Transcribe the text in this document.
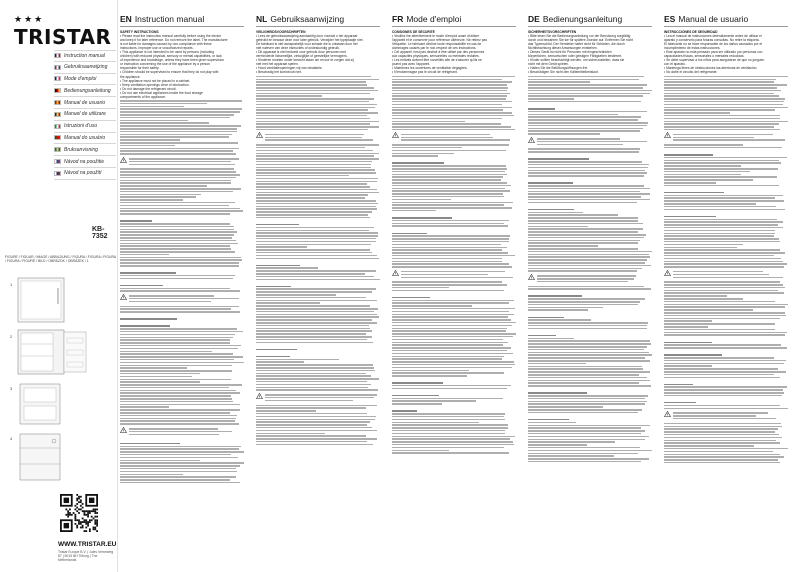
★★★
TRISTAR
Instruction manual
Gebruiksaanwijzing
Mode d'emploi
Bedienungsanleitung
Manual de usuario
Manuel de utilizare
Istruzioni d'uso
Manual do usuário
Bruksanvisning
Návod na použitie
Návod na použití
KB-7352
FIGURE / FIGUUR / IMAGE / ABBILDUNG / FIGURA / FIGURA / FIGURA / FIGURA / FIGURE / BILD / OBRÁZOK / OBRÁZEK / 1
1
2
3
4
WWW.TRISTAR.EU
Tristar Europe B.V. | Jules Verneweg 87 | 5015 BH Tilburg | The Netherlands
EN Instruction manual
SAFETY INSTRUCTIONS
• Please read the instruction manual carefully before using the device
and keep it for later reference. Do not remove the label. The manufacturer
is not liable for damages caused by non-compliance with these
instructions, improper use or unauthorized repairs.
• This appliance is not intended to be used by persons (including
children) with reduced physical, sensory or mental capabilities, or lack
of experience and knowledge, unless they have been given supervision
or instruction concerning the use of the appliance by a person
responsible for their safety.
• Children should be supervised to ensure that they do not play with
the appliance.
• The appliance must not be placed in a cabinet.
• Keep ventilation openings clear of obstruction.
• Do not damage the refrigerant circuit.
• Do not use electrical appliances inside the food storage
compartments of the appliance.
NL Gebruiksaanwijzing
VEILIGHEIDSVOORSCHRIFTEN
• Lees de gebruiksaanwijzing aandachtig door voordat u het apparaat
gebruikt en bewaar deze voor later gebruik. Verwijder het typeplaatje niet.
De fabrikant is niet aansprakelijk voor schade die is ontstaan door het
niet naleven van deze instructies of ondeskundig gebruik.
• Dit apparaat is niet bedoeld voor gebruik door personen met
verminderde lichamelijke, zintuiglijke of geestelijke vermogens.
• Kinderen moeten onder toezicht staan om ervoor te zorgen dat zij
niet met het apparaat spelen.
• Houd ventilatieopeningen vrij van obstakels.
• Beschadig het koelcircuit niet.
FR Mode d'emploi
CONSIGNES DE SÉCURITÉ
• Veuillez lire attentivement le mode d'emploi avant d'utiliser
l'appareil et le conserver pour référence ultérieure. Ne retirez pas
l'étiquette. Le fabricant décline toute responsabilité en cas de
dommages causés par le non-respect de ces instructions.
• Cet appareil n'est pas destiné à être utilisé par des personnes
aux capacités physiques, sensorielles ou mentales réduites.
• Les enfants doivent être surveillés afin de s'assurer qu'ils ne
jouent pas avec l'appareil.
• Maintenez les ouvertures de ventilation dégagées.
• N'endommagez pas le circuit de réfrigérant.
DE Bedienungsanleitung
SICHERHEITSVORSCHRIFTEN
• Bitte lesen Sie die Bedienungsanleitung vor der Benutzung sorgfältig
durch und bewahren Sie sie für spätere Zwecke auf. Entfernen Sie nicht
das Typenschild. Der Hersteller haftet nicht für Schäden, die durch
Nichtbeachtung dieser Anweisungen entstehen.
• Dieses Gerät ist nicht für Personen mit eingeschränkten
körperlichen, sensorischen oder geistigen Fähigkeiten bestimmt.
• Kinder sollten beaufsichtigt werden, um sicherzustellen, dass sie
nicht mit dem Gerät spielen.
• Halten Sie die Belüftungsöffnungen frei.
• Beschädigen Sie nicht den Kältemittelkreislauf.
ES Manual de usuario
INSTRUCCIONES DE SEGURIDAD
• Lea el manual de instrucciones detenidamente antes de utilizar el
aparato y consérvelo para futuras consultas. No retire la etiqueta.
El fabricante no se hace responsable de los daños causados por el
incumplimiento de estas instrucciones.
• Este aparato no está pensado para ser utilizado por personas con
capacidades físicas, sensoriales o mentales reducidas.
• Se debe supervisar a los niños para asegurarse de que no jueguen
con el aparato.
• Mantenga libres de obstrucciones las aberturas de ventilación.
• No dañe el circuito del refrigerante.
